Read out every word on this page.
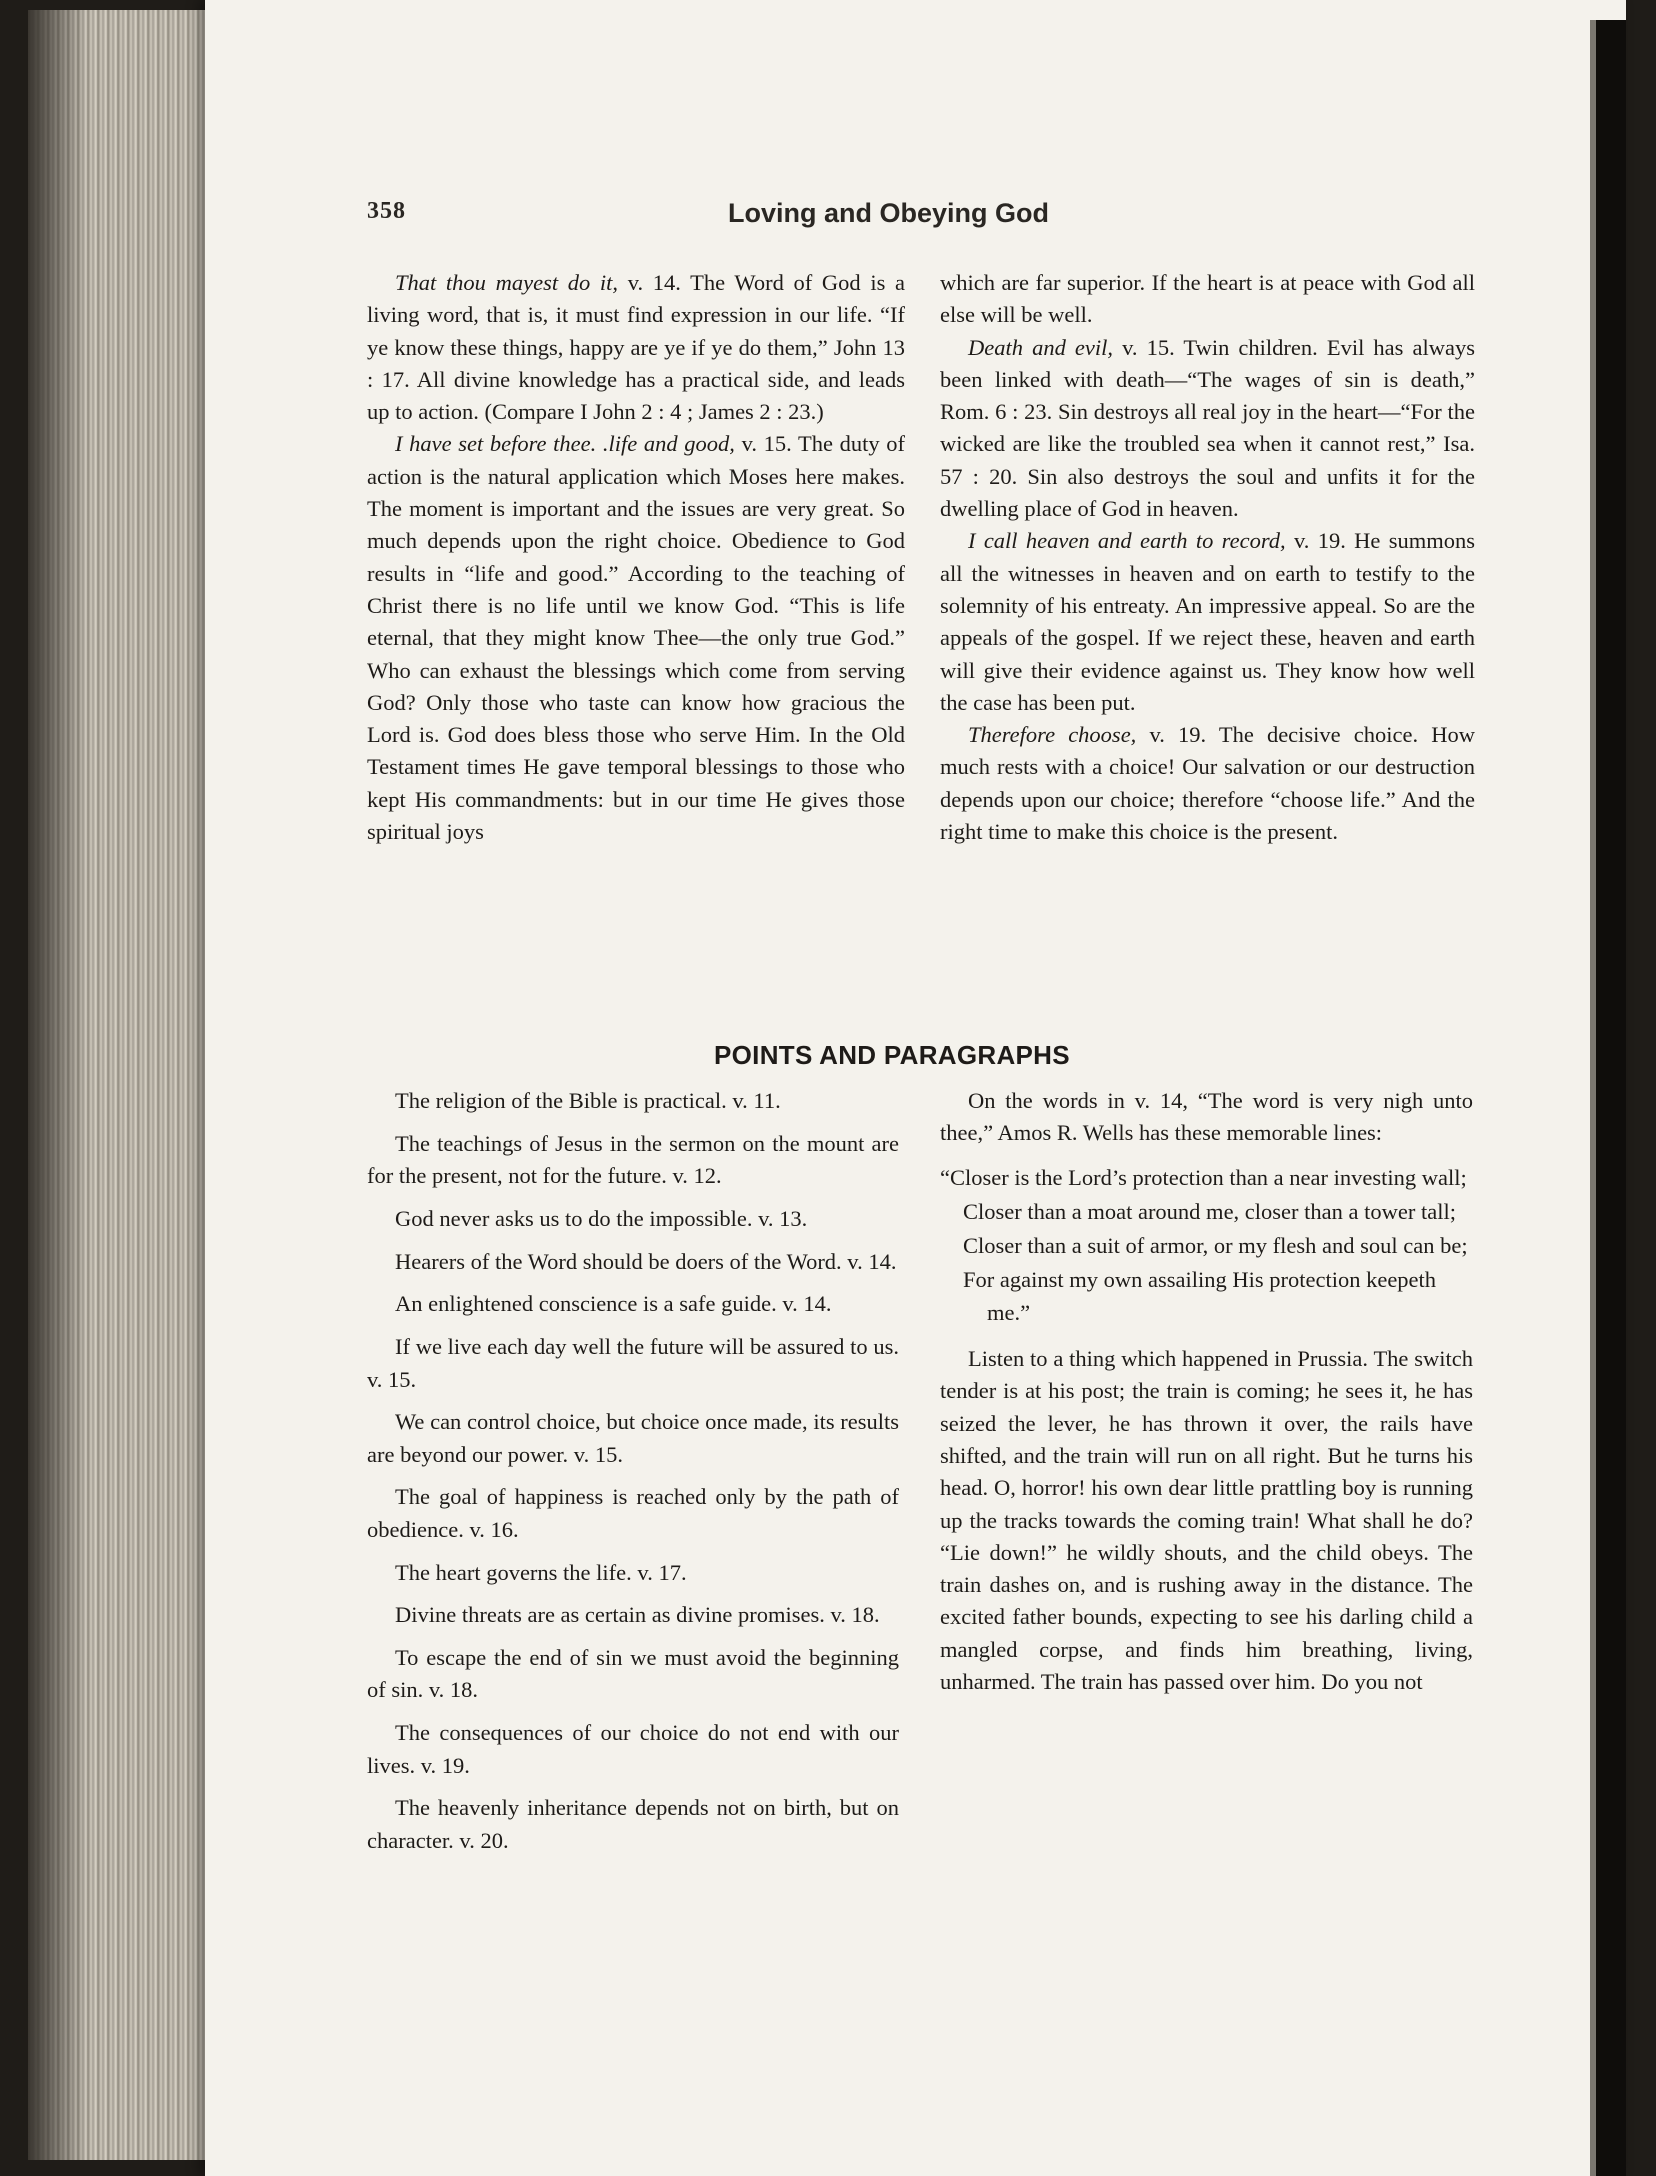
358	Loving and Obeying God

That thou mayest do it, v. 14. The Word of God is a living word, that is, it must find expression in our life. “If ye know these things, happy are ye if ye do them,” John 13 : 17. All divine knowledge has a practical side, and leads up to action. (Compare I John 2 : 4 ; James 2 : 23.)

I have set before thee. .life and good, v. 15. The duty of action is the natural application which Moses here makes. The moment is important and the issues are very great. So much depends upon the right choice. Obedience to God results in “life and good.” According to the teaching of Christ there is no life until we know God. “This is life eternal, that they might know Thee—the only true God.” Who can exhaust the blessings which come from serving God? Only those who taste can know how gracious the Lord is. God does bless those who serve Him. In the Old Testament times He gave temporal blessings to those who kept His commandments: but in our time He gives those spiritual joys

which are far superior. If the heart is at peace with God all else will be well.

Death and evil, v. 15. Twin children. Evil has always been linked with death—“The wages of sin is death,” Rom. 6 : 23. Sin destroys all real joy in the heart—“For the wicked are like the troubled sea when it cannot rest,” Isa. 57 : 20. Sin also destroys the soul and unfits it for the dwelling place of God in heaven.

I call heaven and earth to record, v. 19. He summons all the witnesses in heaven and on earth to testify to the solemnity of his entreaty. An impressive appeal. So are the appeals of the gospel. If we reject these, heaven and earth will give their evidence against us. They know how well the case has been put.

Therefore choose, v. 19. The decisive choice. How much rests with a choice! Our salvation or our destruction depends upon our choice; therefore “choose life.” And the right time to make this choice is the present.

POINTS AND PARAGRAPHS

The religion of the Bible is practical. v. 11.

The teachings of Jesus in the sermon on the mount are for the present, not for the future. v. 12.

God never asks us to do the impossible. v. 13.

Hearers of the Word should be doers of the Word. v. 14.

An enlightened conscience is a safe guide. v. 14.

If we live each day well the future will be assured to us. v. 15.

We can control choice, but choice once made, its results are beyond our power. v. 15.

The goal of happiness is reached only by the path of obedience. v. 16.

The heart governs the life. v. 17.

Divine threats are as certain as divine promises. v. 18.

To escape the end of sin we must avoid the beginning of sin. v. 18.

The consequences of our choice do not end with our lives. v. 19.

The heavenly inheritance depends not on birth, but on character. v. 20.

On the words in v. 14, “The word is very nigh unto thee,” Amos R. Wells has these memorable lines:

“Closer is the Lord’s protection than a near investing wall;

Closer than a moat around me, closer than a tower tall;

Closer than a suit of armor, or my flesh and soul can be;

For against my own assailing His protection keepeth me.”

Listen to a thing which happened in Prussia. The switch tender is at his post; the train is coming; he sees it, he has seized the lever, he has thrown it over, the rails have shifted, and the train will run on all right. But he turns his head. O, horror! his own dear little prattling boy is running up the tracks towards the coming train! What shall he do? “Lie down!” he wildly shouts, and the child obeys. The train dashes on, and is rushing away in the distance. The excited father bounds, expecting to see his darling child a mangled corpse, and finds him breathing, living, unharmed. The train has passed over him. Do you not
